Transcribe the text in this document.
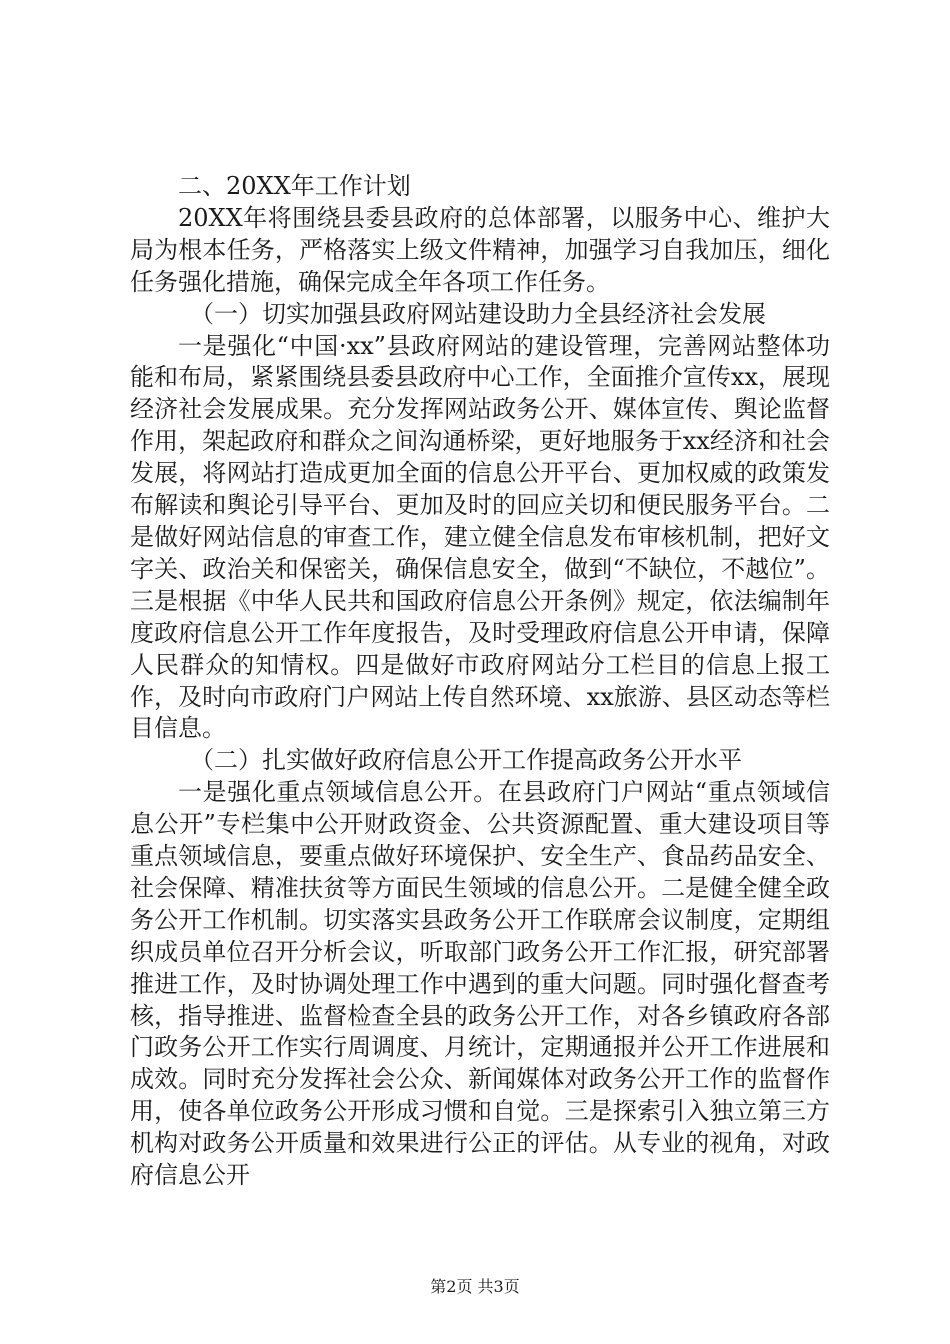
二、20XX年工作计划

20XX年将围绕县委县政府的总体部署，以服务中心、维护大局为根本任务，严格落实上级文件精神，加强学习自我加压，细化任务强化措施，确保完成全年各项工作任务。

（一）切实加强县政府网站建设助力全县经济社会发展

一是强化“中国·xx”县政府网站的建设管理，完善网站整体功能和布局，紧紧围绕县委县政府中心工作，全面推介宣传xx，展现经济社会发展成果。充分发挥网站政务公开、媒体宣传、舆论监督作用，架起政府和群众之间沟通桥梁，更好地服务于xx经济和社会发展，将网站打造成更加全面的信息公开平台、更加权威的政策发布解读和舆论引导平台、更加及时的回应关切和便民服务平台。二是做好网站信息的审查工作，建立健全信息发布审核机制，把好文字关、政治关和保密关，确保信息安全，做到“不缺位，不越位”。三是根据《中华人民共和国政府信息公开条例》规定，依法编制年度政府信息公开工作年度报告，及时受理政府信息公开申请，保障人民群众的知情权。四是做好市政府网站分工栏目的信息上报工作，及时向市政府门户网站上传自然环境、xx旅游、县区动态等栏目信息。

（二）扎实做好政府信息公开工作提高政务公开水平

一是强化重点领域信息公开。在县政府门户网站“重点领域信息公开”专栏集中公开财政资金、公共资源配置、重大建设项目等重点领域信息，要重点做好环境保护、安全生产、食品药品安全、社会保障、精准扶贫等方面民生领域的信息公开。二是健全健全政务公开工作机制。切实落实县政务公开工作联席会议制度，定期组织成员单位召开分析会议，听取部门政务公开工作汇报，研究部署推进工作，及时协调处理工作中遇到的重大问题。同时强化督查考核，指导推进、监督检查全县的政务公开工作，对各乡镇政府各部门政务公开工作实行周调度、月统计，定期通报并公开工作进展和成效。同时充分发挥社会公众、新闻媒体对政务公开工作的监督作用，使各单位政务公开形成习惯和自觉。三是探索引入独立第三方机构对政务公开质量和效果进行公正的评估。从专业的视角，对政府信息公开

第2页 共3页
